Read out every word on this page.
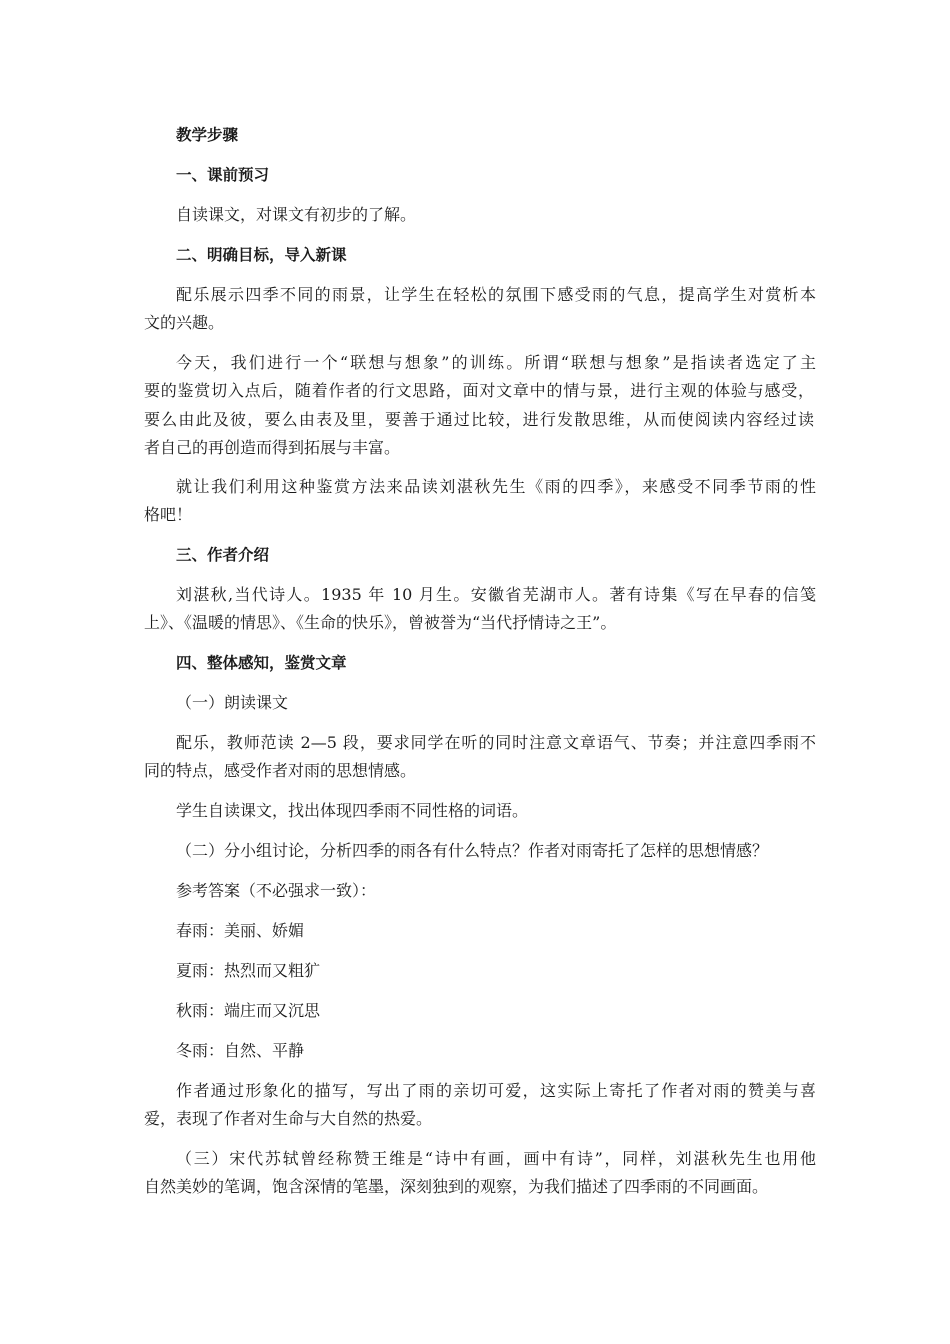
教学步骤
一、课前预习
自读课文，对课文有初步的了解。
二、明确目标，导入新课
配乐展示四季不同的雨景，让学生在轻松的氛围下感受雨的气息，提高学生对赏析本
文的兴趣。
今天，我们进行一个“联想与想象”的训练。所谓“联想与想象”是指读者选定了主
要的鉴赏切入点后，随着作者的行文思路，面对文章中的情与景，进行主观的体验与感受，
要么由此及彼，要么由表及里，要善于通过比较，进行发散思维，从而使阅读内容经过读
者自己的再创造而得到拓展与丰富。
就让我们利用这种鉴赏方法来品读刘湛秋先生《雨的四季》，来感受不同季节雨的性
格吧！
三、作者介绍
刘湛秋,当代诗人。1935 年 10 月生。安徽省芜湖市人。著有诗集《写在早春的信笺
上》、《温暖的情思》、《生命的快乐》，曾被誉为“当代抒情诗之王”。
四、整体感知，鉴赏文章
（一）朗读课文
配乐，教师范读 2—5 段，要求同学在听的同时注意文章语气、节奏；并注意四季雨不
同的特点，感受作者对雨的思想情感。
学生自读课文，找出体现四季雨不同性格的词语。
（二）分小组讨论，分析四季的雨各有什么特点？作者对雨寄托了怎样的思想情感？
参考答案（不必强求一致）：
春雨：美丽、娇媚
夏雨：热烈而又粗犷
秋雨：端庄而又沉思
冬雨：自然、平静
作者通过形象化的描写，写出了雨的亲切可爱，这实际上寄托了作者对雨的赞美与喜
爱，表现了作者对生命与大自然的热爱。
（三）宋代苏轼曾经称赞王维是“诗中有画，画中有诗”，同样，刘湛秋先生也用他
自然美妙的笔调，饱含深情的笔墨，深刻独到的观察，为我们描述了四季雨的不同画面。
